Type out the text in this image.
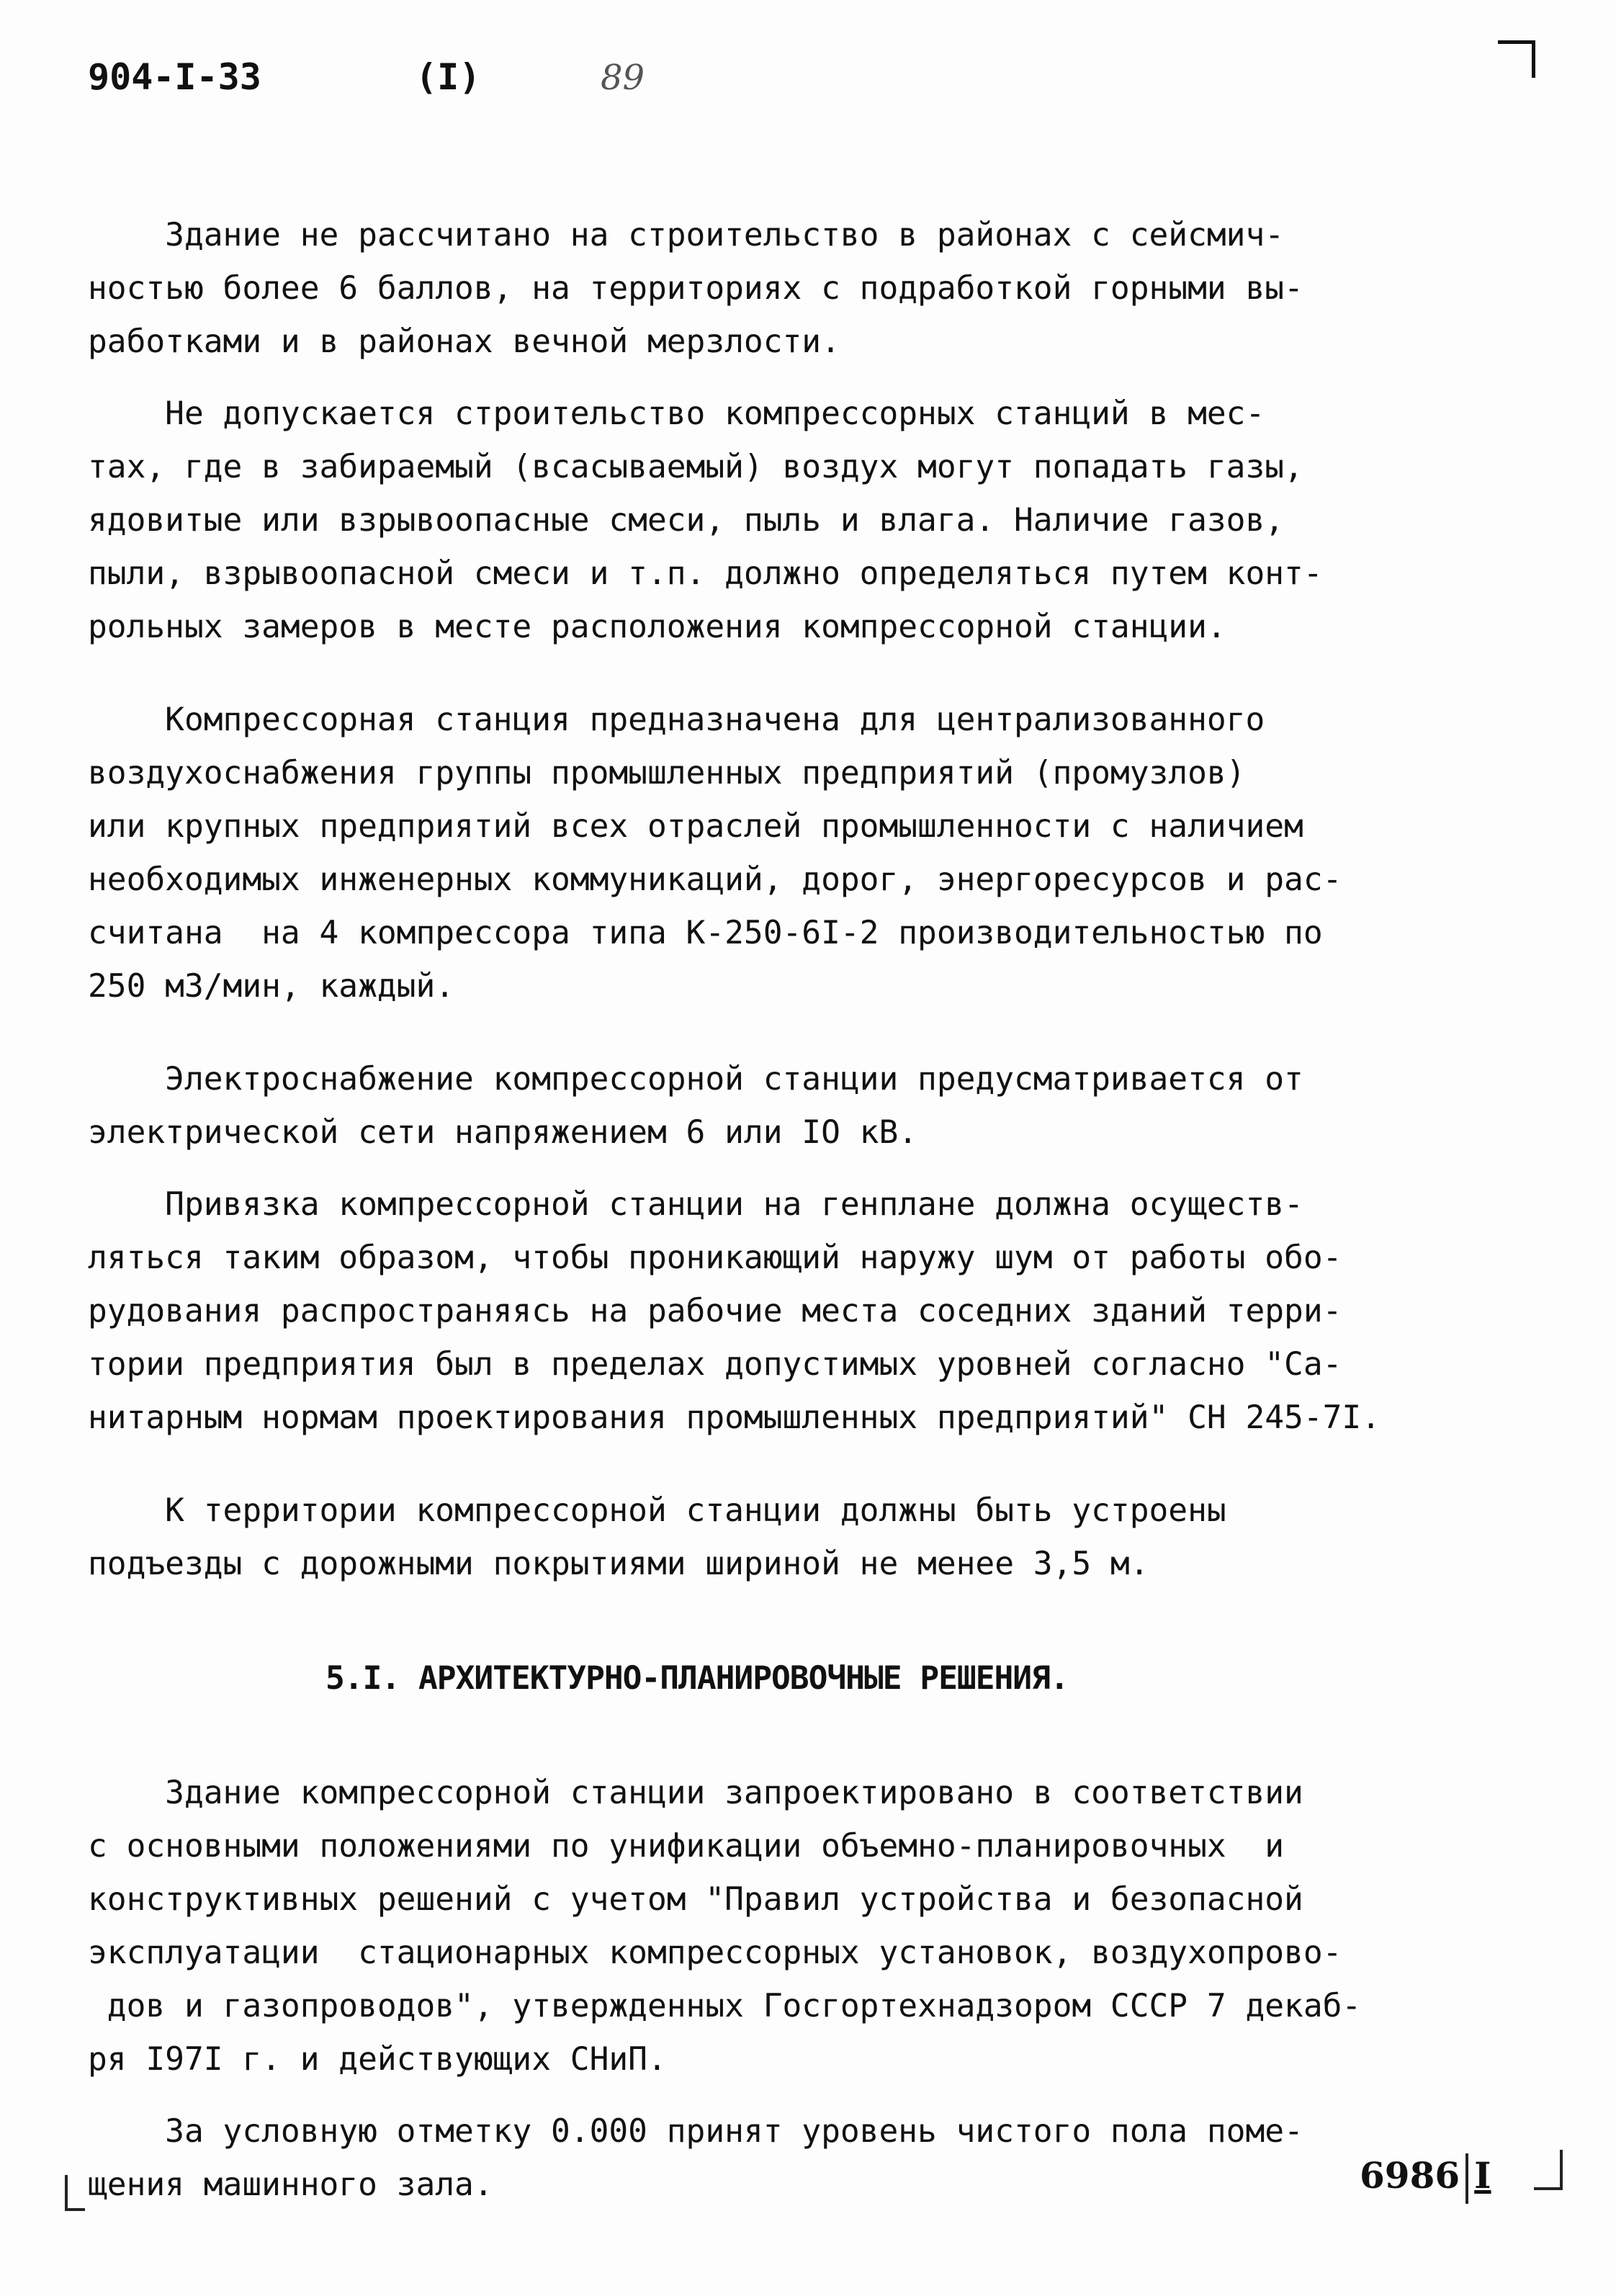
904-I-33	(I)	89

Здание не рассчитано на строительство в районах с сейсмич-

ностью более 6 баллов, на территориях с подработкой горными вы-

работками и в районах вечной мерзлости.

Не допускается строительство компрессорных станций в мес-

тах, где в забираемый (всасываемый) воздух могут попадать газы,

ядовитые или взрывоопасные смеси, пыль и влага. Наличие газов,

пыли, взрывоопасной смеси и т.п. должно определяться путем конт-

рольных замеров в месте расположения компрессорной станции.

Компрессорная станция предназначена для централизованного

воздухоснабжения группы промышленных предприятий (промузлов)

или крупных предприятий всех отраслей промышленности с наличием

необходимых инженерных коммуникаций, дорог, энергоресурсов и рас-

считана  на 4 компрессора типа К-250-6I-2 производительностью по

250 м3/мин, каждый.

Электроснабжение компрессорной станции предусматривается от

электрической сети напряжением 6 или IO кВ.

Привязка компрессорной станции на генплане должна осуществ-

ляться таким образом, чтобы проникающий наружу шум от работы обо-

рудования распространяясь на рабочие места соседних зданий терри-

тории предприятия был в пределах допустимых уровней согласно "Са-

нитарным нормам проектирования промышленных предприятий" СН 245-7I.

К территории компрессорной станции должны быть устроены

подъезды с дорожными покрытиями шириной не менее 3,5 м.

5.I. АРХИТЕКТУРНО-ПЛАНИРОВОЧНЫЕ РЕШЕНИЯ.

Здание компрессорной станции запроектировано в соответствии

с основными положениями по унификации объемно-планировочных  и

конструктивных решений с учетом "Правил устройства и безопасной

эксплуатации  стационарных компрессорных установок, воздухопрово-

дов и газопроводов", утвержденных Госгортехнадзором СССР 7 декаб-

ря I97I г. и действующих СНиП.

За условную отметку 0.000 принят уровень чистого пола поме-

щения машинного зала.	6986 I
